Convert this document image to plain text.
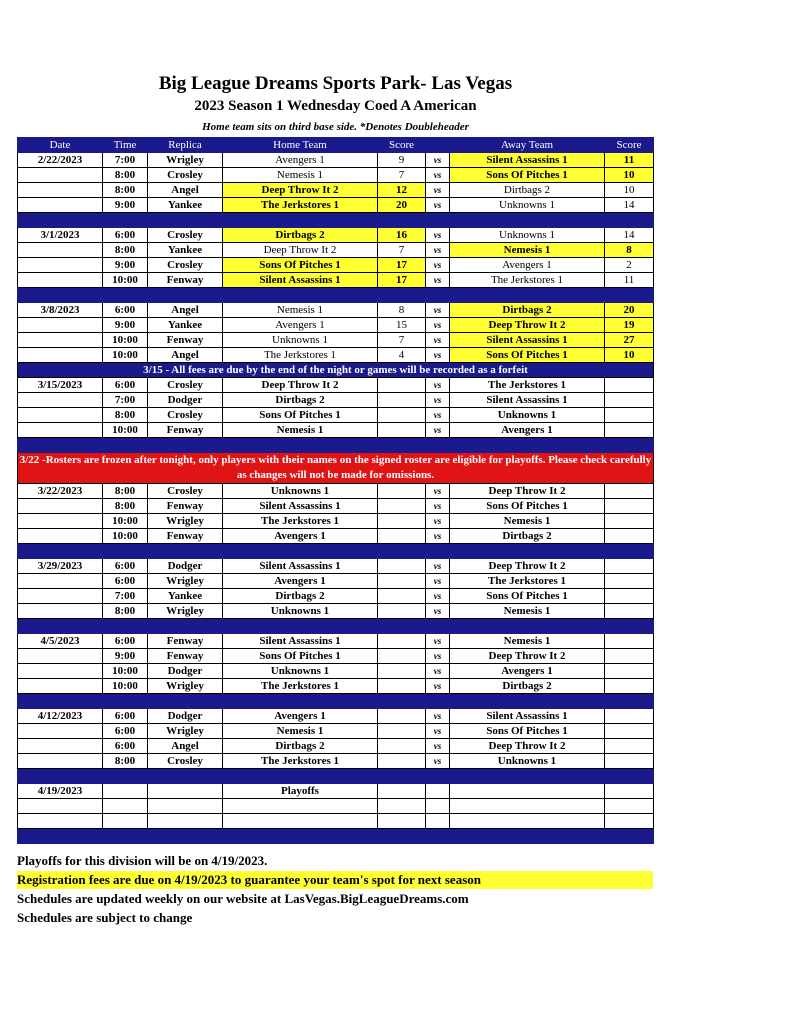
Big League Dreams Sports Park- Las Vegas
2023 Season 1 Wednesday Coed A American
Home team sits on third base side. *Denotes Doubleheader
Date	Time	Replica	Home Team	Score		Away Team	Score
2/22/2023	7:00	Wrigley	Avengers 1	9	vs	Silent Assassins 1	11
	8:00	Crosley	Nemesis 1	7	vs	Sons Of Pitches 1	10
	8:00	Angel	Deep Throw It 2	12	vs	Dirtbags 2	10
	9:00	Yankee	The Jerkstores 1	20	vs	Unknowns 1	14

3/1/2023	6:00	Crosley	Dirtbags 2	16	vs	Unknowns 1	14
	8:00	Yankee	Deep Throw It 2	7	vs	Nemesis 1	8
	9:00	Crosley	Sons Of Pitches 1	17	vs	Avengers 1	2
	10:00	Fenway	Silent Assassins 1	17	vs	The Jerkstores 1	11

3/8/2023	6:00	Angel	Nemesis 1	8	vs	Dirtbags 2	20
	9:00	Yankee	Avengers 1	15	vs	Deep Throw It 2	19
	10:00	Fenway	Unknowns 1	7	vs	Silent Assassins 1	27
	10:00	Angel	The Jerkstores 1	4	vs	Sons Of Pitches 1	10
3/15 - All fees are due by the end of the night or games will be recorded as a forfeit							
3/15/2023	6:00	Crosley	Deep Throw It 2		vs	The Jerkstores 1	
	7:00	Dodger	Dirtbags 2		vs	Silent Assassins 1	
	8:00	Crosley	Sons Of Pitches 1		vs	Unknowns 1	
	10:00	Fenway	Nemesis 1		vs	Avengers 1	

3/22 -Rosters are frozen after tonight, only players with their names on the signed roster are eligible for playoffs. Please check carefully as changes will not be made for omissions.							
3/22/2023	8:00	Crosley	Unknowns 1		vs	Deep Throw It 2	
	8:00	Fenway	Silent Assassins 1		vs	Sons Of Pitches 1	
	10:00	Wrigley	The Jerkstores 1		vs	Nemesis 1	
	10:00	Fenway	Avengers 1		vs	Dirtbags 2	

3/29/2023	6:00	Dodger	Silent Assassins 1		vs	Deep Throw It 2	
	6:00	Wrigley	Avengers 1		vs	The Jerkstores 1	
	7:00	Yankee	Dirtbags 2		vs	Sons Of Pitches 1	
	8:00	Wrigley	Unknowns 1		vs	Nemesis 1	

4/5/2023	6:00	Fenway	Silent Assassins 1		vs	Nemesis 1	
	9:00	Fenway	Sons Of Pitches 1		vs	Deep Throw It 2	
	10:00	Dodger	Unknowns 1		vs	Avengers 1	
	10:00	Wrigley	The Jerkstores 1		vs	Dirtbags 2	

4/12/2023	6:00	Dodger	Avengers 1		vs	Silent Assassins 1	
	6:00	Wrigley	Nemesis 1		vs	Sons Of Pitches 1	
	6:00	Angel	Dirtbags 2		vs	Deep Throw It 2	
	8:00	Crosley	The Jerkstores 1		vs	Unknowns 1	

4/19/2023			Playoffs				

Playoffs for this division will be on 4/19/2023.
Registration fees are due on 4/19/2023 to guarantee your team's spot for next season
Schedules are updated weekly on our website at LasVegas.BigLeagueDreams.com
Schedules are subject to change
